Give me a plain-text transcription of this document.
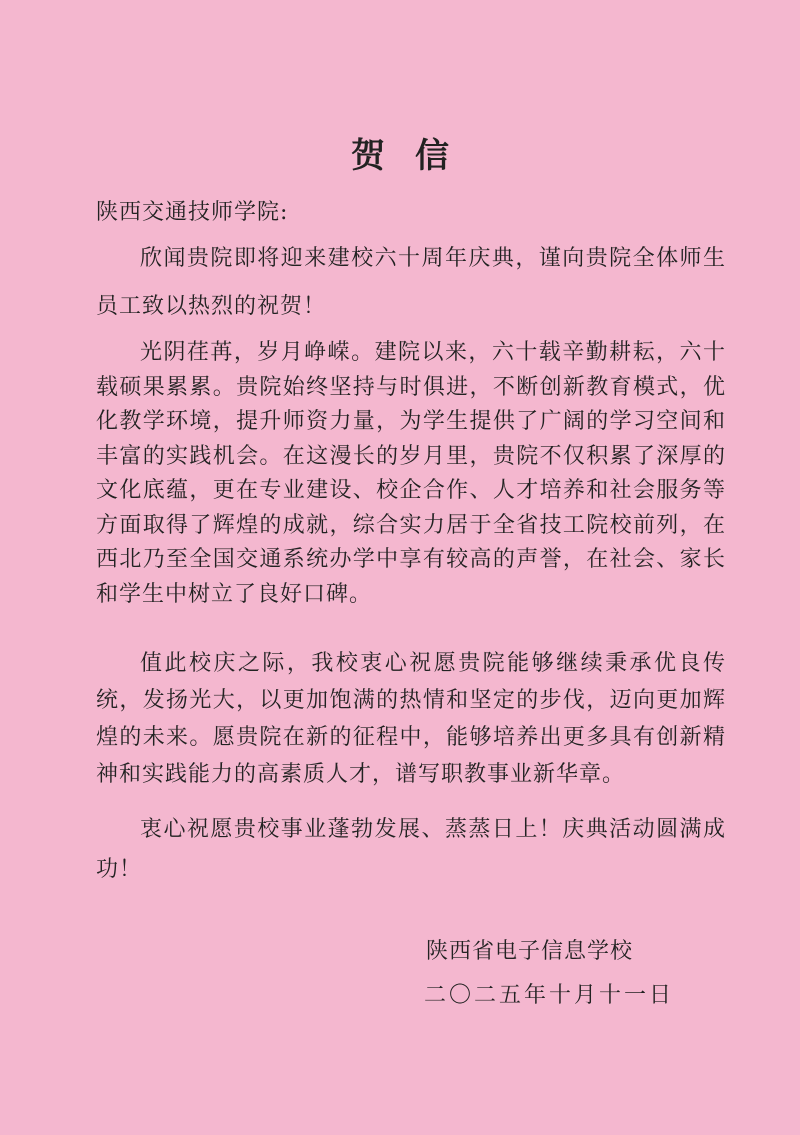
贺信
陕西交通技师学院:

欣闻贵院即将迎来建校六十周年庆典，谨向贵院全体师生员工致以热烈的祝贺！

光阴荏苒，岁月峥嵘。建院以来，六十载辛勤耕耘，六十载硕果累累。贵院始终坚持与时俱进，不断创新教育模式，优化教学环境，提升师资力量，为学生提供了广阔的学习空间和丰富的实践机会。在这漫长的岁月里，贵院不仅积累了深厚的文化底蕴，更在专业建设、校企合作、人才培养和社会服务等方面取得了辉煌的成就，综合实力居于全省技工院校前列，在西北乃至全国交通系统办学中享有较高的声誉，在社会、家长和学生中树立了良好口碑。

值此校庆之际，我校衷心祝愿贵院能够继续秉承优良传统，发扬光大，以更加饱满的热情和坚定的步伐，迈向更加辉煌的未来。愿贵院在新的征程中，能够培养出更多具有创新精神和实践能力的高素质人才，谱写职教事业新华章。

衷心祝愿贵校事业蓬勃发展、蒸蒸日上！庆典活动圆满成功！

陕西省电子信息学校
二〇二五年十月十一日
